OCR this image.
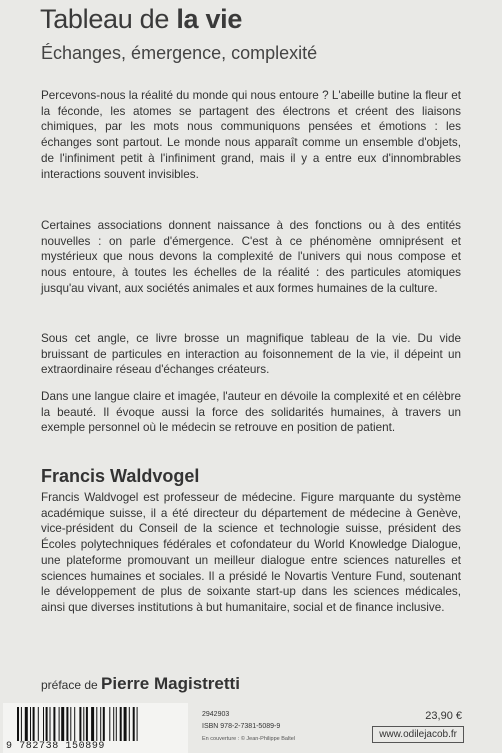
Tableau de la vie
Échanges, émergence, complexité

Percevons-nous la réalité du monde qui nous entoure ? L'abeille butine la fleur et la féconde, les atomes se partagent des électrons et créent des liaisons chimiques, par les mots nous communiquons pensées et émotions : les échanges sont partout. Le monde nous apparaît comme un ensemble d'objets, de l'infiniment petit à l'infiniment grand, mais il y a entre eux d'innombrables interactions souvent invisibles.

Certaines associations donnent naissance à des fonctions ou à des entités nouvelles : on parle d'émergence. C'est à ce phénomène omniprésent et mystérieux que nous devons la complexité de l'univers qui nous compose et nous entoure, à toutes les échelles de la réalité : des particules atomiques jusqu'au vivant, aux sociétés animales et aux formes humaines de la culture.

Sous cet angle, ce livre brosse un magnifique tableau de la vie. Du vide bruissant de particules en interaction au foisonnement de la vie, il dépeint un extraordinaire réseau d'échanges créateurs.

Dans une langue claire et imagée, l'auteur en dévoile la complexité et en célèbre la beauté. Il évoque aussi la force des solidarités humaines, à travers un exemple personnel où le médecin se retrouve en position de patient.

Francis Waldvogel

Francis Waldvogel est professeur de médecine. Figure marquante du système académique suisse, il a été directeur du département de médecine à Genève, vice-président du Conseil de la science et technologie suisse, président des Écoles polytechniques fédérales et cofondateur du World Knowledge Dialogue, une plateforme promouvant un meilleur dialogue entre sciences naturelles et sciences humaines et sociales. Il a présidé le Novartis Venture Fund, soutenant le développement de plus de soixante start-up dans les sciences médicales, ainsi que diverses institutions à but humanitaire, social et de finance inclusive.

préface de Pierre Magistretti
9 782738 150899
2942903
ISBN 978-2-7381-5089-9
En couverture : © Jean-Philippe Baltel
23,90 €
www.odilejacob.fr
